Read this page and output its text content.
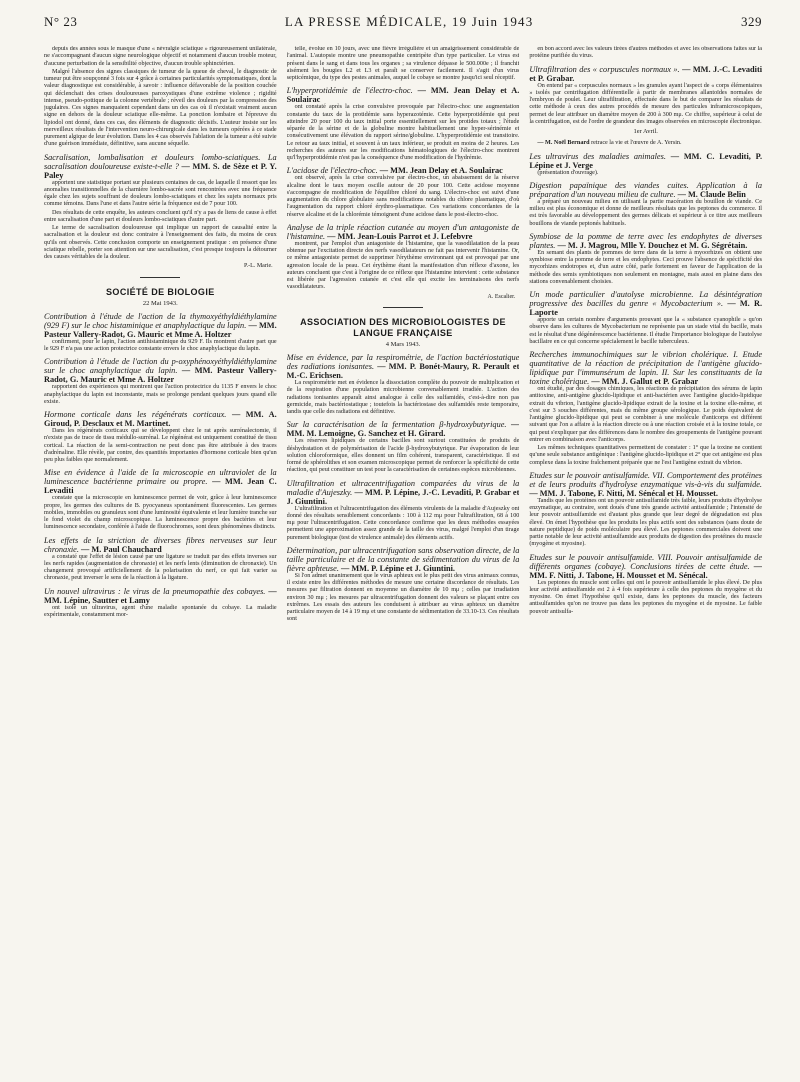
N° 23	LA PRESSE MÉDICALE, 19 Juin 1943	329

depuis des années sous le masque d'une « névralgie sciatique » rigoureusement unilatérale, ne s'accompagnant d'aucun signe neurologique objectif et notamment d'aucun trouble moteur, d'aucune perturbation de la sensibilité objective, d'aucun trouble sphinctérien.

Malgré l'absence des signes classiques de tumeur de la queue de cheval, le diagnostic de tumeur put être soupçonné 3 fois sur 4 grâce à certaines particularités symptomatiques, dont la valeur diagnostique est considérable, à savoir : influence défavorable de la position couchée qui déclenchait des crises douloureuses paroxystiques d'une extrême violence ; rigidité intense, pseudo-pottique de la colonne vertébrale ; réveil des douleurs par la compression des jugulaires. Ces signes manquaient cependant dans un des cas où il n'existait vraiment aucun signe en dehors de la douleur sciatique elle-même. La ponction lombaire et l'épreuve du lipiodol ont donné, dans ces cas, des éléments de diagnostic décisifs. L'auteur insiste sur les merveilleux résultats de l'intervention neuro-chirurgicale dans les tumeurs opérées à ce stade purement algique de leur évolution. Dans les 4 cas observés l'ablation de la tumeur a été suivie d'une guérison immédiate, définitive, sans aucune séquelle.

Sacralisation, lombalisation et douleurs lombo-sciatiques. La sacralisation douloureuse existe-t-elle ? — MM. S. de Sèze et P. Y. Paley

apportent une statistique portant sur plusieurs centaines de cas, de laquelle il ressort que les anomalies transitionnelles de la charnière lombo-sacrée sont rencontrées avec une fréquence égale chez les sujets souffrant de douleurs lombo-sciatiques et chez les sujets normaux pris comme témoins. Dans l'une et dans l'autre série la fréquence est de 7 pour 100.

Des résultats de cette enquête, les auteurs concluent qu'il n'y a pas de liens de cause à effet entre sacralisation d'une part et douleurs lombo-sciatiques d'autre part.

Le terme de sacralisation douloureuse qui implique un rapport de causalité entre la sacralisation et la douleur est donc contraire à l'enseignement des faits, du moins de ceux qu'ils ont observés. Cette conclusion comporte un enseignement pratique : en présence d'une sciatique rebelle, porter son attention sur une sacralisation, c'est presque toujours la détourner des causes véritables de la douleur.

P.-L. Marie.
SOCIÉTÉ DE BIOLOGIE
22 Mai 1943.
Contribution à l'étude de l'action de la thymoxyéthyldiéthylamine (929 F) sur le choc histaminique et anaphylactique du lapin. — MM. Pasteur Vallery-Radot, G. Mauric et Mme A. Holtzer

confirment, pour le lapin, l'action antihistaminique du 929 F. Ils montrent d'autre part que le 929 F n'a pas une action protectrice constante envers le choc anaphylactique du lapin.

Contribution à l'étude de l'action du p-oxyphénoxyéthyldiéthylamine sur le choc anaphylactique du lapin. — MM. Pasteur Vallery-Radot, G. Mauric et Mme A. Holtzer

rapportent des expériences qui montrent que l'action protectrice du 1135 F envers le choc anaphylactique du lapin est inconstante, mais se prolonge pendant quelques jours quand elle existe.

Hormone corticale dans les régénérats corticaux. — MM. A. Giroud, P. Desclaux et M. Martinet.

Dans les régénérats corticaux qui se développent chez le rat après surrénalectomie, il n'existe pas de trace de tissu médullo-surrénal. Le régénérat est uniquement constitué de tissu cortical. La réaction de la semi-contraction ne peut donc pas être attribuée à des traces d'adrénaline. Elle révèle, par contre, des quantités importantes d'hormone corticale bien qu'un peu plus faibles que normalement.

Mise en évidence à l'aide de la microscopie en ultraviolet de la luminescence bactérienne primaire ou propre. — MM. Jean C. Levaditi

constate que la microscopie en luminescence permet de voir, grâce à leur luminescence propre, les germes des cultures de B. pyocyaneus spontanément fluorescentes. Les germes mobiles, immobiles ou granuleux sont d'une luminosité équivalente et leur lumière tranche sur le fond violet du champ microscopique. La luminescence propre des bactéries et leur luminescence secondaire, conférée à l'aide de fluorochromes, sont deux phénomènes distincts.

Les effets de la striction de diverses fibres nerveuses sur leur chronaxie. — M. Paul Chauchard

a constaté que l'effet de lésion causé par une ligature se traduit par des effets inverses sur les nerfs rapides (augmentation de chronaxie) et les nerfs lents (diminution de chronaxie). Un changement provoqué artificiellement de la polarisation du nerf, ce qui fait varier sa chronaxie, peut inverser le sens de la réaction à la ligature.

Un nouvel ultravirus : le virus de la pneumopathie des cobayes. — MM. Lépine, Sautter et Lamy

ont isolé un ultravirus, agent d'une maladie spontanée du cobaye. La maladie expérimentale, constamment mor-

telle, évolue en 10 jours, avec une fièvre irrégulière et un amaigrissement considérable de l'animal. L'autopsie montre une pneumopathie centripète d'un type particulier. Le virus est présent dans le sang et dans tous les organes ; sa virulence dépasse le 500.000e ; il franchit aisément les bougies L2 et L3 et paraît se conserver facilement. Il s'agit d'un virus septicémique, du type des pestes animales, auquel le cobaye se montre jusqu'ici seul réceptif.

L'hyperprotidémie de l'électro-choc. — MM. Jean Delay et A. Soulairac

ont constaté après la crise convulsive provoquée par l'électro-choc une augmentation constante du taux de la protidémie sans hyperazotémie. Cette hyperprotidémie qui peut atteindre 20 pour 100 du taux initial porte essentiellement sur les protides totaux ; l'étude séparée de la sérine et de la globuline montre habituellement une hyper-sérinémie et consécutivement une élévation du rapport sérine/globuline. L'hyperprotidémie est transitoire. Le retour au taux initial, et souvent à un taux inférieur, se produit en moins de 2 heures. Les recherches des auteurs sur les modifications hématologiques de l'électro-choc montrent qu'l'hyperprotidémie n'est pas la conséquence d'une modification de l'hydrémie.

L'acidose de l'électro-choc. — MM. Jean Delay et A. Soulairac

ont observé, après la crise convulsive par électro-choc, un abaissement de la réserve alcaline dont le taux moyen oscille autour de 20 pour 100. Cette acidose moyenne s'accompagne de modification de l'équilibre chloré du sang. L'électro-choc est suivi d'une augmentation du chlore globulaire sans modifications notables du chlore plasmatique, d'où l'augmentation du rapport chloré érythro-plasmatique. Ces variations concordantes de la réserve alcaline et de la chlorémie témoignent d'une acidose dans le post-électro-choc.

Analyse de la triple réaction cutanée au moyen d'un antagoniste de l'histamine. — MM. Jean-Louis Parrot et J. Lefebvre

montrent, par l'emploi d'un antagoniste de l'histamine, que la vasodilatation de la peau obtenue par l'excitation directe des nerfs vasodilatateurs ne fait pas intervenir l'histamine. Or, ce même antagoniste permet de supprimer l'érythème environnant qui est provoqué par une agression locale de la peau. Cet érythème étant la manifestation d'un réflexe d'axone, les auteurs concluent que c'est à l'origine de ce réflexe que l'histamine intervient : cette substance est libérée par l'agression cutanée et c'est elle qui excite les terminaisons des nerfs vasodilatateurs.

A. Escalier.
ASSOCIATION DES MICROBIOLOGISTES DE LANGUE FRANÇAISE
4 Mars 1943.
Mise en évidence, par la respirométrie, de l'action bactériostatique des radiations ionisantes. — MM. P. Bonét-Maury, R. Perault et M.-C. Erichsen.

La respirométrie met en évidence la dissociation complète du pouvoir de multiplication et de la respiration d'une population microbienne convenablement irradiée. L'action des radiations ionisantes apparaît ainsi analogue à celle des sulfamidés, c'est-à-dire non pas germicide, mais bactériostatique ; toutefois la bactériostase des sulfamidés reste temporaire, tandis que celle des radiations est définitive.

Sur la caractérisation de la fermentation β-hydroxybutyrique. — MM. M. Lemoigne, G. Sanchez et H. Girard.

Les réserves lipidiques de certains bacilles sont surtout constituées de produits de déshydratation et de polymérisation de l'acide β-hydroxybutyrique. Par évaporation de leur solution chloroformique, elles donnent un film cohérent, transparent, caractéristique. Il est formé de sphérolithes et son examen microscopique permet de renforcer la spécificité de cette réaction, qui peut constituer un test pour la caractérisation de certaines espèces microbiennes.

Ultrafiltration et ultracentrifugation comparées du virus de la maladie d'Aujeszky. — MM. P. Lépine, J.-C. Levaditi, P. Grabar et J. Giuntini.

L'ultrafiltration et l'ultracentrifugation des éléments virulents de la maladie d'Aujeszky ont donné des résultats sensiblement concordants : 100 à 112 mμ pour l'ultrafiltration, 68 à 100 mμ pour l'ultracentrifugation. Cette concordance confirme que les deux méthodes essayées permettent une approximation assez grande de la taille des virus, malgré l'emploi d'un tirage purement biologique (test de virulence animale) des éléments actifs.

Détermination, par ultracentrifugation sans observation directe, de la taille particulaire et de la constante de sédimentation du virus de la fièvre aphteuse. — MM. P. Lépine et J. Giuntini.

Si l'on admet unanimement que le virus aphteux est le plus petit des virus animaux connus, il existe entre les différentes méthodes de mesure une certaine discordance de résultats. Les mesures par filtration donnent en moyenne un diamètre de 10 mμ ; celles par irradiation environ 30 mμ ; les mesures par ultracentrifugation donnent des valeurs se plaçant entre ces extrêmes. Les essais des auteurs les conduisent à attribuer au virus aphteux un diamètre particulaire moyen de 14 à 19 mμ et une constante de sédimentation de 33.10-13. Ces résultats sont

en bon accord avec les valeurs tirées d'autres méthodes et avec les observations faites sur la protéine purifiée du virus.

Ultrafiltration des « corpuscules normaux ». — MM. J.-C. Levaditi et P. Grabar.

On entend par « corpuscules normaux » les granules ayant l'aspect de « corps élémentaires » isolés par centrifugation différentielle à partir de membranes allantoïdes normales de l'embryon de poulet. Leur ultrafiltration, effectuée dans le but de comparer les résultats de cette méthode à ceux des autres procédés de mesure des particules inframicroscopiques, permet de leur attribuer un diamètre moyen de 200 à 300 mμ. Ce chiffre, supérieur à celui de la centrifugation, est de l'ordre de grandeur des images observées en microscopie électronique.

1er Avril.

— M. Noël Bernard retrace la vie et l'œuvre de A. Yersin.

Les ultravirus des maladies animales. — MM. C. Levaditi, P. Lépine et J. Verge

(présentation d'ouvrage).

Digestion papaïnique des viandes cuites. Application à la préparation d'un nouveau milieu de culture. — M. Claude Belin

a préparé un nouveau milieu en utilisant la partie macération du bouillon de viande. Ce milieu est plus économique et donne de meilleurs résultats que les peptones du commerce. Il est très favorable au développement des germes délicats et supérieur à ce titre aux meilleurs bouillons de viande peptonés habituels.

Symbiose de la pomme de terre avec les endophytes de diverses plantes. — M. J. Magrou, Mlle Y. Douchez et M. G. Ségrétain.

En semant des plants de pommes de terre dans de la terre à myoorhizes on obtient une symbiose entre la pomme de terre et les endophytes. Ceci prouve l'absence de spécificité des mycorhizes endotropes et, d'un autre côté, parle fortement en faveur de l'application de la méthode des semis symbiotiques non seulement en montagne, mais aussi en plaine dans des stations convenablement choisies.

Un mode particulier d'autolyse microbienne. La désintégration progressive des bacilles du genre « Mycobacterium ». — M. R. Laporte

apporte un certain nombre d'arguments prouvant que la « substance cyanophile » qu'on observe dans les cultures de Mycobacterium ne représente pas un stade vital du bacille, mais est le résultat d'une dégénérescence bactérienne. Il étudie l'importance biologique de l'autolyse bacillaire en ce qui concerne spécialement le bacille tuberculeux.

Recherches immunochimiques sur le vibrion cholérique. I. Etude quantitative de la réaction de précipitation de l'antigène glucido-lipidique par l'immunsérum de lapin. II. Sur les constituants de la toxine cholérique. — MM. J. Gallut et P. Grabar

ont étudié, par des dosages chimiques, les réactions de précipitation des sérums de lapin antitoxine, anti-antigène glucido-lipidique et anti-bactérien avec l'antigène glucido-lipidique extrait du vibrion, l'antigène glucido-lipidique extrait de la toxine et la toxine elle-même, et c'est sur 3 souches différentes, mais du même groupe sérologique. Le poids équivalent de l'antigène glucido-lipidique qui peut se combiner à une molécule d'anticorps est différent suivant que l'on a affaire à la réaction directe ou à une réaction croisée et à la toxine totale, ce qui peut s'expliquer par des différences dans le nombre des groupements de l'antigène pouvant entrer en combinaison avec l'anticorps.

Les mêmes techniques quantitatives permettent de constater : 1° que la toxine ne contient qu'une seule substance antigénique : l'antigène glucido-lipidique et 2° que cet antigène est plus complexe dans la toxine fraîchement préparée que ne l'est l'antigène extrait du vibrion.

Etudes sur le pouvoir antisulfamide. VII. Comportement des protéines et de leurs produits d'hydrolyse enzymatique vis-à-vis du sulfamide. — MM. J. Tabone, F. Nitti, M. Sénécal et H. Mousset.

Tandis que les protéines ont un pouvoir antisulfamide très faible, leurs produits d'hydrolyse enzymatique, au contraire, sont doués d'une très grande activité antisulfamide ; l'intensité de leur pouvoir antisulfamide est d'autant plus grande que leur degré de dégradation est plus élevé. On émet l'hypothèse que les produits les plus actifs sont des substances (sans doute de nature peptidique) de poids moléculaire peu élevé. Les peptones commerciales doivent une partie notable de leur activité antisulfamide aux produits de digestion des protéines du muscle (myogène et myosine).

Etudes sur le pouvoir antisulfamide. VIII. Pouvoir antisulfamide de différents organes (cobaye). Conclusions tirées de cette étude. — MM. F. Nitti, J. Tabone, H. Mousset et M. Sénécal.

Les peptones du muscle sont celles qui ont le pouvoir antisulfamide le plus élevé. De plus leur activité antisulfamide est 2 à 4 fois supérieure à celle des peptones du myogène et du myosine. On émet l'hypothèse qu'il existe, dans les peptones du muscle, des facteurs antisulfamides qu'on ne trouve pas dans les peptones du myogène et de myosine. Le faible pouvoir antisulfa-
